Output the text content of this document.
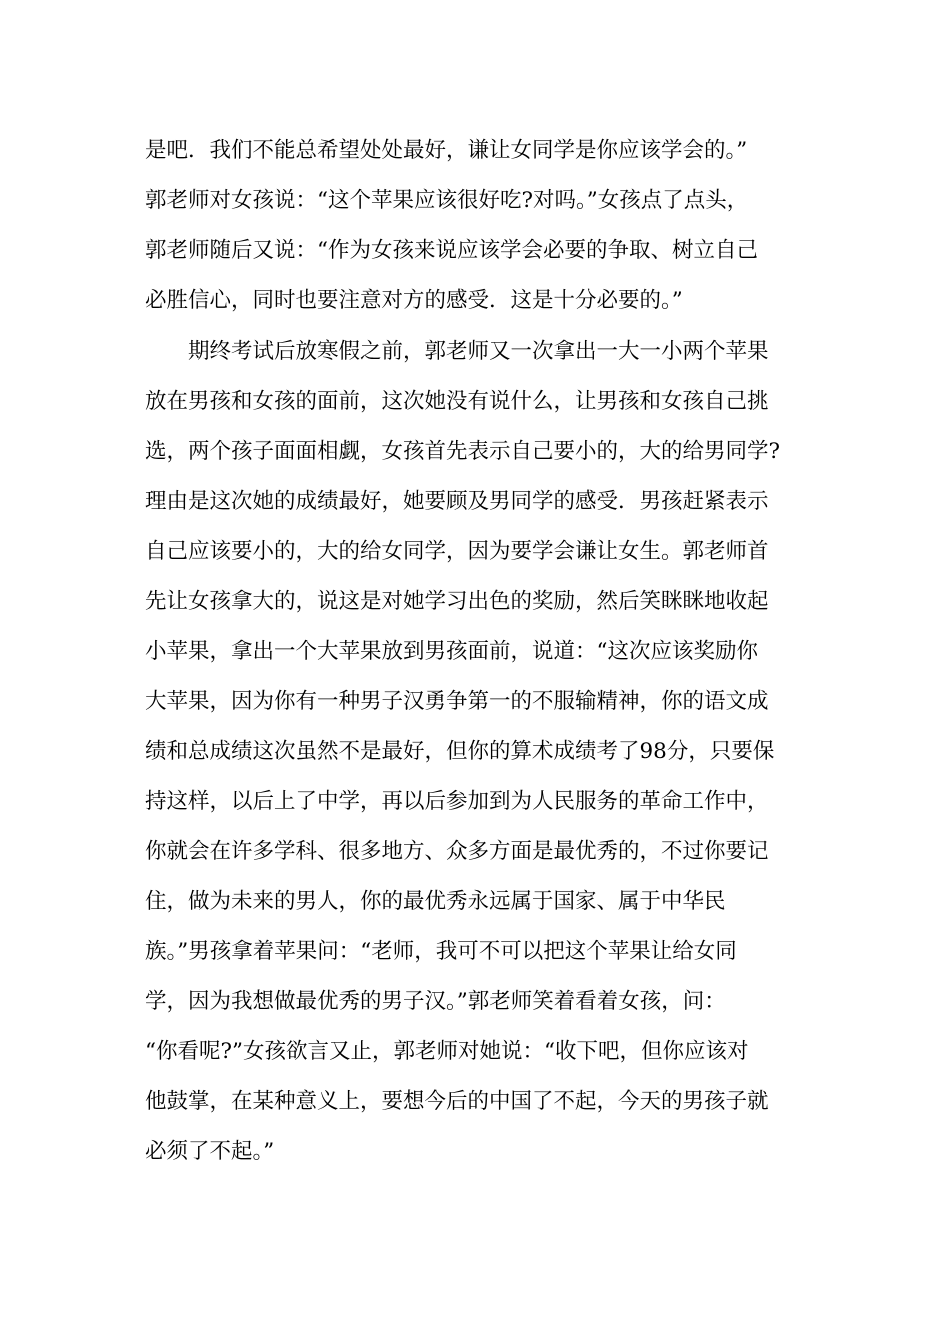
是吧．我们不能总希望处处最好，谦让女同学是你应该学会的。”
郭老师对女孩说：“这个苹果应该很好吃?对吗。”女孩点了点头，
郭老师随后又说：“作为女孩来说应该学会必要的争取、树立自己
必胜信心，同时也要注意对方的感受．这是十分必要的。”
　　期终考试后放寒假之前，郭老师又一次拿出一大一小两个苹果
放在男孩和女孩的面前，这次她没有说什么，让男孩和女孩自己挑
选，两个孩子面面相觑，女孩首先表示自己要小的，大的给男同学?
理由是这次她的成绩最好，她要顾及男同学的感受．男孩赶紧表示
自己应该要小的，大的给女同学，因为要学会谦让女生。郭老师首
先让女孩拿大的，说这是对她学习出色的奖励，然后笑眯眯地收起
小苹果，拿出一个大苹果放到男孩面前，说道：“这次应该奖励你
大苹果，因为你有一种男子汉勇争第一的不服输精神，你的语文成
绩和总成绩这次虽然不是最好，但你的算术成绩考了98分，只要保
持这样，以后上了中学，再以后参加到为人民服务的革命工作中，
你就会在许多学科、很多地方、众多方面是最优秀的，不过你要记
住，做为未来的男人，你的最优秀永远属于国家、属于中华民
族。”男孩拿着苹果问：“老师，我可不可以把这个苹果让给女同
学，因为我想做最优秀的男子汉。”郭老师笑着看着女孩，问：
“你看呢?”女孩欲言又止，郭老师对她说：“收下吧，但你应该对
他鼓掌，在某种意义上，要想今后的中国了不起，今天的男孩子就
必须了不起。”
